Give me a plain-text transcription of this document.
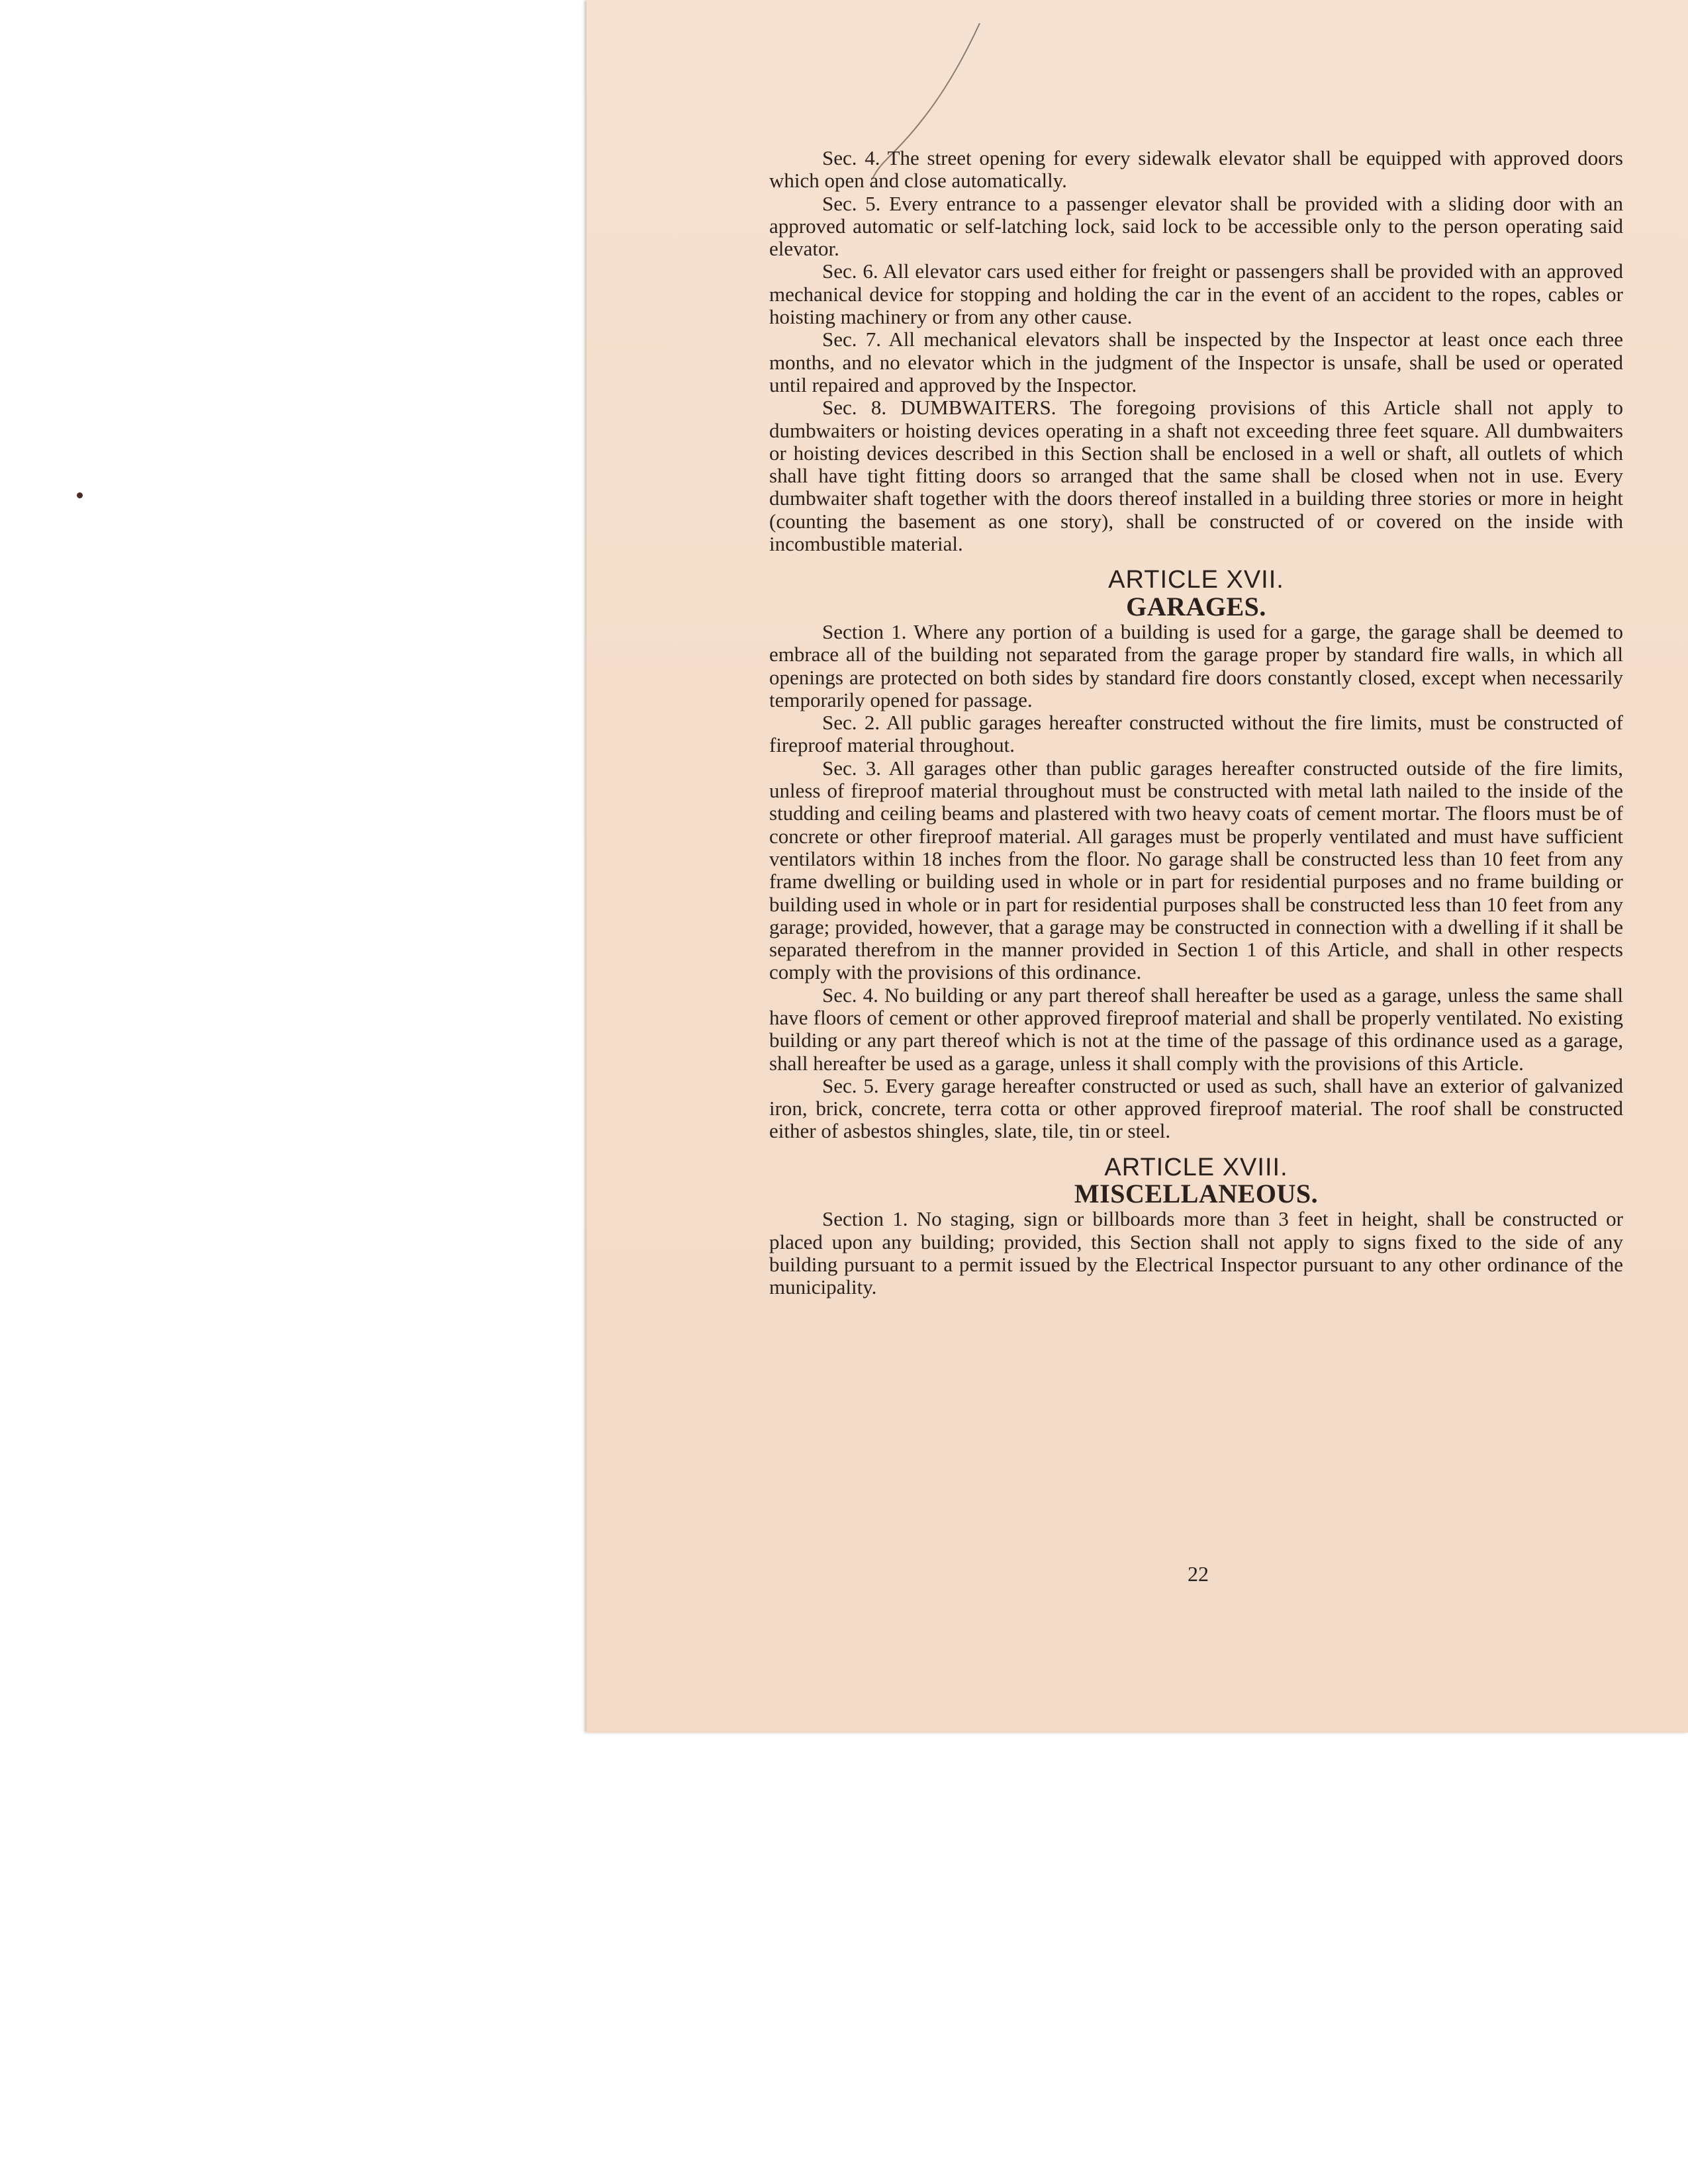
Sec. 4. The street opening for every sidewalk elevator shall be equipped with approved doors which open and close automatically.

Sec. 5. Every entrance to a passenger elevator shall be provided with a sliding door with an approved automatic or self-latching lock, said lock to be accessible only to the person operating said elevator.

Sec. 6. All elevator cars used either for freight or passengers shall be provided with an approved mechanical device for stopping and holding the car in the event of an accident to the ropes, cables or hoisting machinery or from any other cause.

Sec. 7. All mechanical elevators shall be inspected by the Inspector at least once each three months, and no elevator which in the judgment of the Inspector is unsafe, shall be used or operated until repaired and approved by the Inspector.

Sec. 8. DUMBWAITERS. The foregoing provisions of this Article shall not apply to dumbwaiters or hoisting devices operating in a shaft not exceeding three feet square. All dumbwaiters or hoisting devices described in this Section shall be enclosed in a well or shaft, all outlets of which shall have tight fitting doors so arranged that the same shall be closed when not in use. Every dumbwaiter shaft together with the doors thereof installed in a building three stories or more in height (counting the basement as one story), shall be constructed of or covered on the inside with incombustible material.

ARTICLE XVII.
GARAGES.

Section 1. Where any portion of a building is used for a garge, the garage shall be deemed to embrace all of the building not separated from the garage proper by standard fire walls, in which all openings are protected on both sides by standard fire doors constantly closed, except when necessarily temporarily opened for passage.

Sec. 2. All public garages hereafter constructed without the fire limits, must be constructed of fireproof material throughout.

Sec. 3. All garages other than public garages hereafter constructed outside of the fire limits, unless of fireproof material throughout must be constructed with metal lath nailed to the inside of the studding and ceiling beams and plastered with two heavy coats of cement mortar. The floors must be of concrete or other fireproof material. All garages must be properly ventilated and must have sufficient ventilators within 18 inches from the floor. No garage shall be constructed less than 10 feet from any frame dwelling or building used in whole or in part for residential purposes and no frame building or building used in whole or in part for residential purposes shall be constructed less than 10 feet from any garage; provided, however, that a garage may be constructed in connection with a dwelling if it shall be separated therefrom in the manner provided in Section 1 of this Article, and shall in other respects comply with the provisions of this ordinance.

Sec. 4. No building or any part thereof shall hereafter be used as a garage, unless the same shall have floors of cement or other approved fireproof material and shall be properly ventilated. No existing building or any part thereof which is not at the time of the passage of this ordinance used as a garage, shall hereafter be used as a garage, unless it shall comply with the provisions of this Article.

Sec. 5. Every garage hereafter constructed or used as such, shall have an exterior of galvanized iron, brick, concrete, terra cotta or other approved fireproof material. The roof shall be constructed either of asbestos shingles, slate, tile, tin or steel.

ARTICLE XVIII.
MISCELLANEOUS.

Section 1. No staging, sign or billboards more than 3 feet in height, shall be constructed or placed upon any building; provided, this Section shall not apply to signs fixed to the side of any building pursuant to a permit issued by the Electrical Inspector pursuant to any other ordinance of the municipality.

22
